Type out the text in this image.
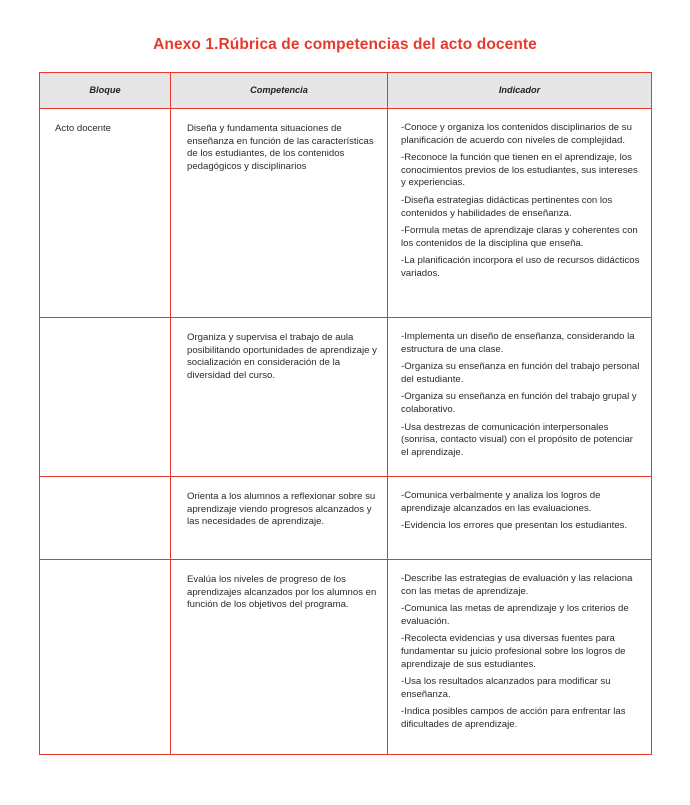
Anexo 1.Rúbrica de competencias del acto docente
Bloque	Competencia	Indicador

Acto docente	Diseña y fundamenta situaciones de enseñanza en función de las características de los estudiantes, de los contenidos pedagógicos y disciplinarios	-Conoce y organiza los contenidos disciplinarios de su planificación de acuerdo con niveles de complejidad.
-Reconoce la función que tienen en el aprendizaje, los conocimientos previos de los estudiantes, sus intereses y experiencias.
-Diseña estrategias didácticas pertinentes con los contenidos y habilidades de enseñanza.
-Formula metas de aprendizaje claras y coherentes con los contenidos de la disciplina que enseña.
-La planificación incorpora el uso de recursos didácticos variados.

	Organiza y supervisa el trabajo de aula posibilitando oportunidades de aprendizaje y socialización en consideración de la diversidad del curso.	-Implementa un diseño de enseñanza, considerando la estructura de una clase.
-Organiza su enseñanza en función del trabajo personal del estudiante.
-Organiza su enseñanza en función del trabajo grupal y colaborativo.
-Usa destrezas de comunicación interpersonales (sonrisa, contacto visual) con el propósito de potenciar el aprendizaje.

	Orienta a los alumnos a reflexionar sobre su aprendizaje viendo progresos alcanzados y las necesidades de aprendizaje.	-Comunica verbalmente y analiza los logros de aprendizaje alcanzados en las evaluaciones.
-Evidencia los errores que presentan los estudiantes.

	Evalúa los niveles de progreso de los aprendizajes alcanzados por los alumnos en función de los objetivos del programa.	-Describe las estrategias de evaluación y las relaciona con las metas de aprendizaje.
-Comunica las metas de aprendizaje y los criterios de evaluación.
-Recolecta evidencias y usa diversas fuentes para fundamentar su juicio profesional sobre los logros de aprendizaje de sus estudiantes.
-Usa los resultados alcanzados para modificar su enseñanza.
-Indica posibles campos de acción para enfrentar las dificultades de aprendizaje.
